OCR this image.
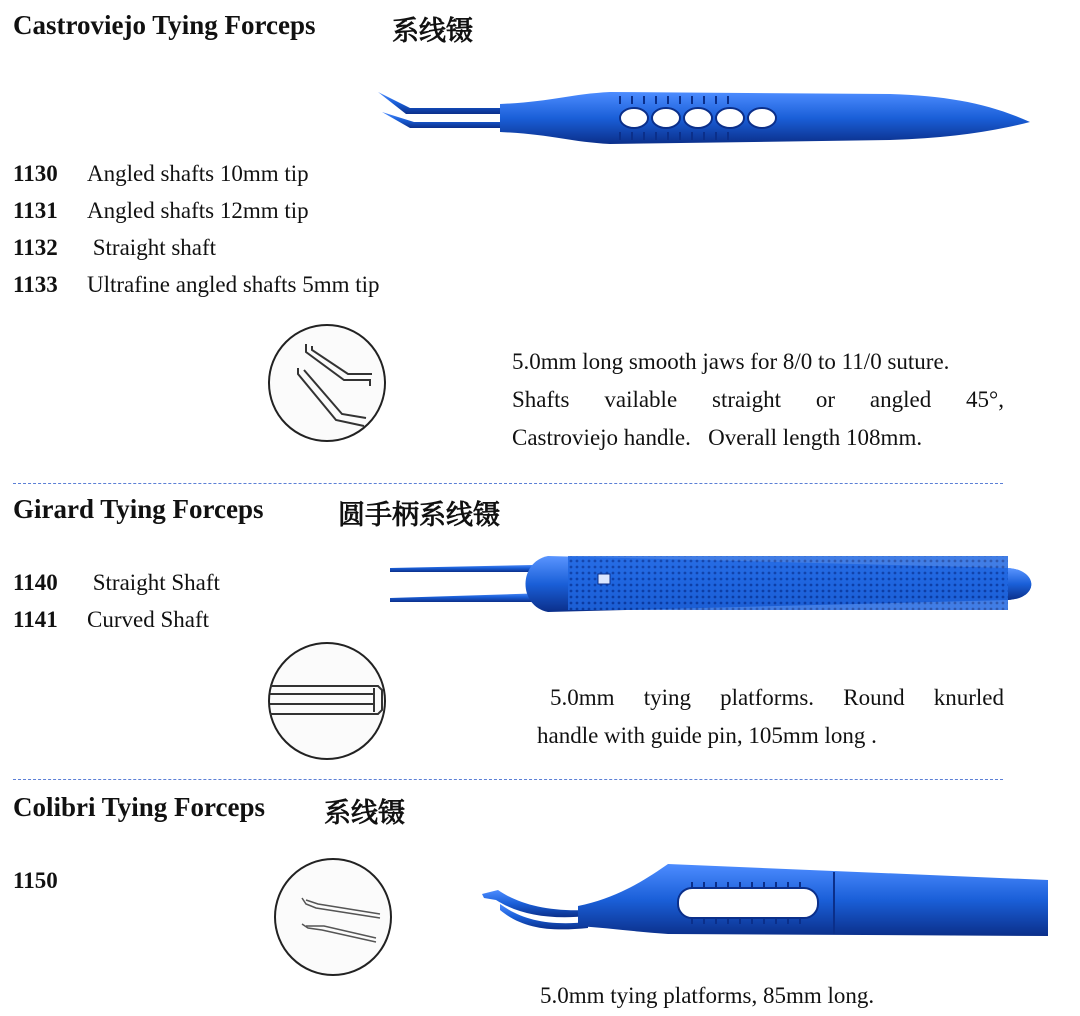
Castroviejo Tying Forceps	系线镊
1130 Angled shafts 10mm tip
1131 Angled shafts 12mm tip
1132 Straight shaft
1133 Ultrafine angled shafts 5mm tip
5.0mm long smooth jaws for 8/0 to 11/0 suture.
Shafts vailable straight or angled 45°,
Castroviejo handle.   Overall length 108mm.
Girard Tying Forceps	圆手柄系线镊
1140 Straight Shaft
1141 Curved Shaft
5.0mm tying platforms. Round knurled
handle with guide pin, 105mm long .
Colibri Tying Forceps 系线镊
1150
5.0mm tying platforms, 85mm long.
